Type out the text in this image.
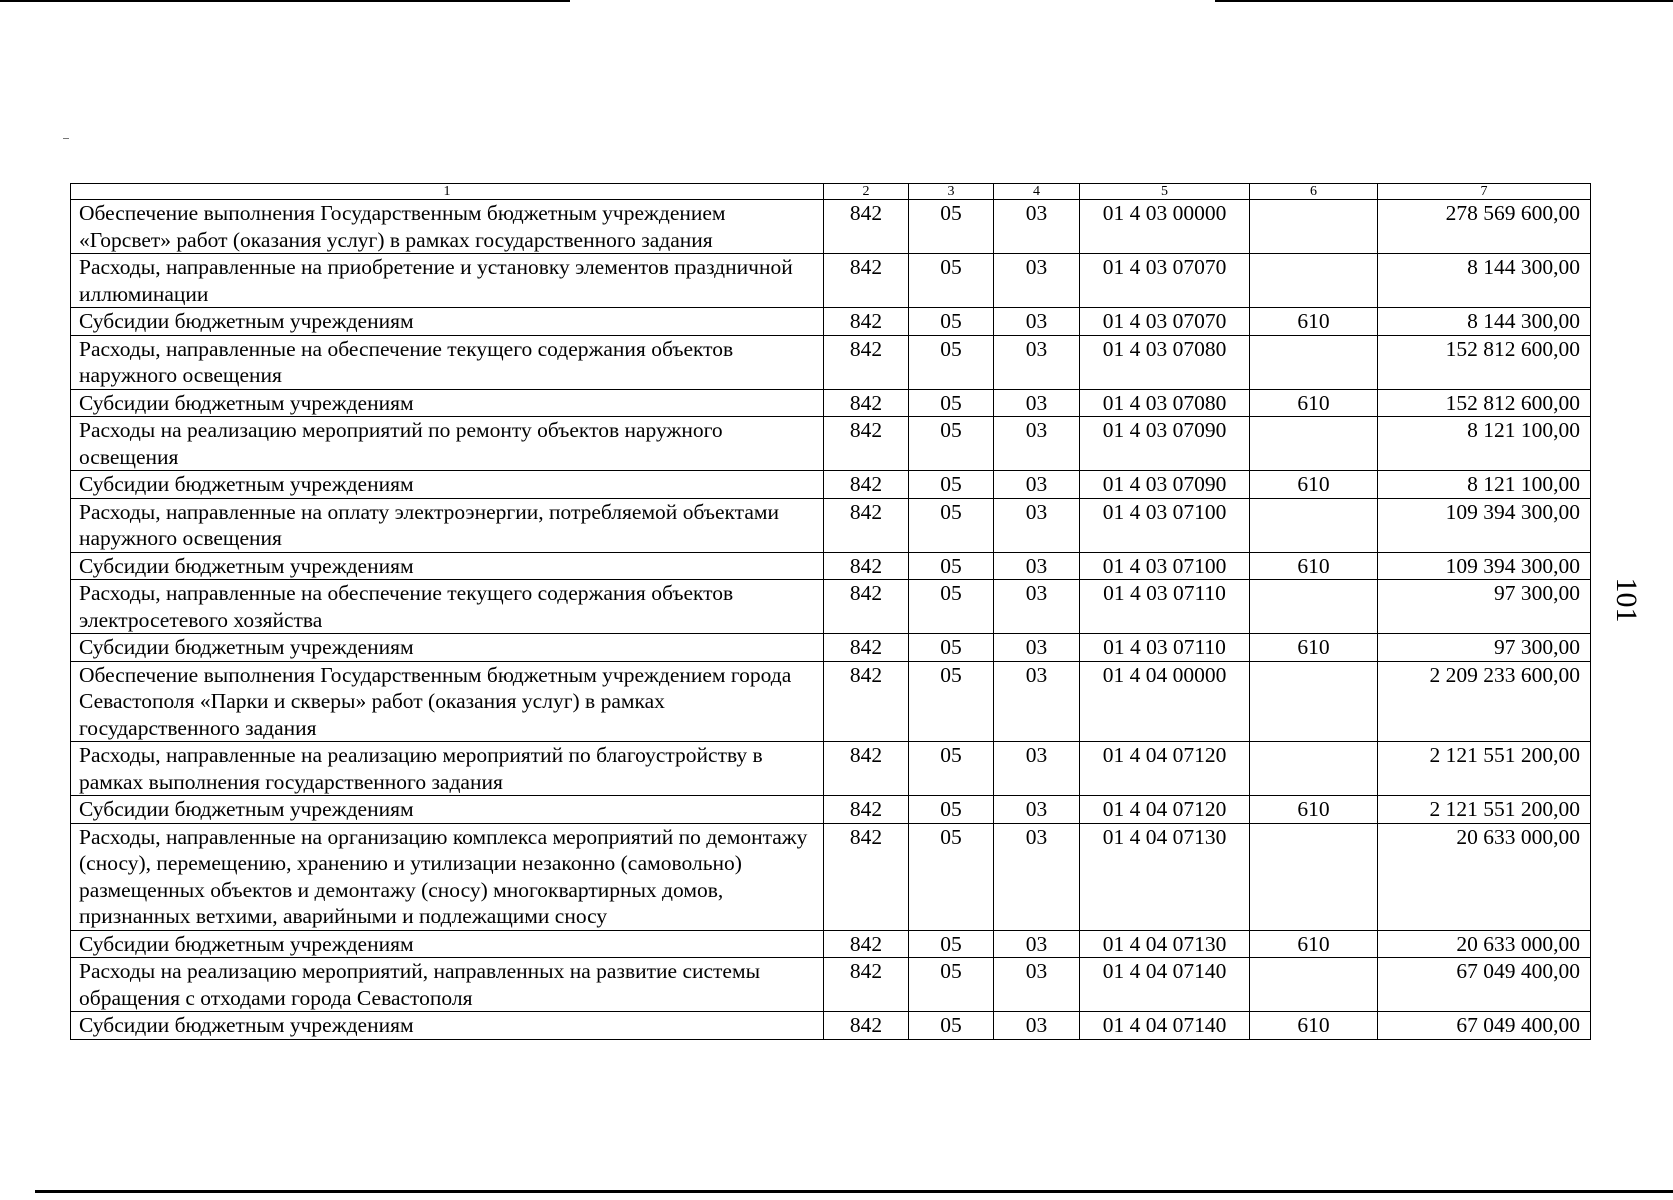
1	2	3	4	5	6	7
Обеспечение выполнения Государственным бюджетным учреждением «Горсвет» работ (оказания услуг) в рамках государственного задания	842	05	03	01 4 03 00000		278 569 600,00
Расходы, направленные на приобретение и установку элементов праздничной иллюминации	842	05	03	01 4 03 07070		8 144 300,00
Субсидии бюджетным учреждениям	842	05	03	01 4 03 07070	610	8 144 300,00
Расходы, направленные на обеспечение текущего содержания объектов наружного освещения	842	05	03	01 4 03 07080		152 812 600,00
Субсидии бюджетным учреждениям	842	05	03	01 4 03 07080	610	152 812 600,00
Расходы на реализацию мероприятий по ремонту объектов наружного освещения	842	05	03	01 4 03 07090		8 121 100,00
Субсидии бюджетным учреждениям	842	05	03	01 4 03 07090	610	8 121 100,00
Расходы, направленные на оплату электроэнергии, потребляемой объектами наружного освещения	842	05	03	01 4 03 07100		109 394 300,00
Субсидии бюджетным учреждениям	842	05	03	01 4 03 07100	610	109 394 300,00
Расходы, направленные на обеспечение текущего содержания объектов электросетевого хозяйства	842	05	03	01 4 03 07110		97 300,00
Субсидии бюджетным учреждениям	842	05	03	01 4 03 07110	610	97 300,00
Обеспечение выполнения Государственным бюджетным учреждением города Севастополя «Парки и скверы» работ (оказания услуг) в рамках государственного задания	842	05	03	01 4 04 00000		2 209 233 600,00
Расходы, направленные на реализацию мероприятий по благоустройству в рамках выполнения государственного задания	842	05	03	01 4 04 07120		2 121 551 200,00
Субсидии бюджетным учреждениям	842	05	03	01 4 04 07120	610	2 121 551 200,00
Расходы, направленные на организацию комплекса мероприятий по демонтажу (сносу), перемещению, хранению и утилизации незаконно (самовольно) размещенных объектов и демонтажу (сносу) многоквартирных домов, признанных ветхими, аварийными и подлежащими сносу	842	05	03	01 4 04 07130		20 633 000,00
Субсидии бюджетным учреждениям	842	05	03	01 4 04 07130	610	20 633 000,00
Расходы на реализацию мероприятий, направленных на развитие системы обращения с отходами города Севастополя	842	05	03	01 4 04 07140		67 049 400,00
Субсидии бюджетным учреждениям	842	05	03	01 4 04 07140	610	67 049 400,00
101
